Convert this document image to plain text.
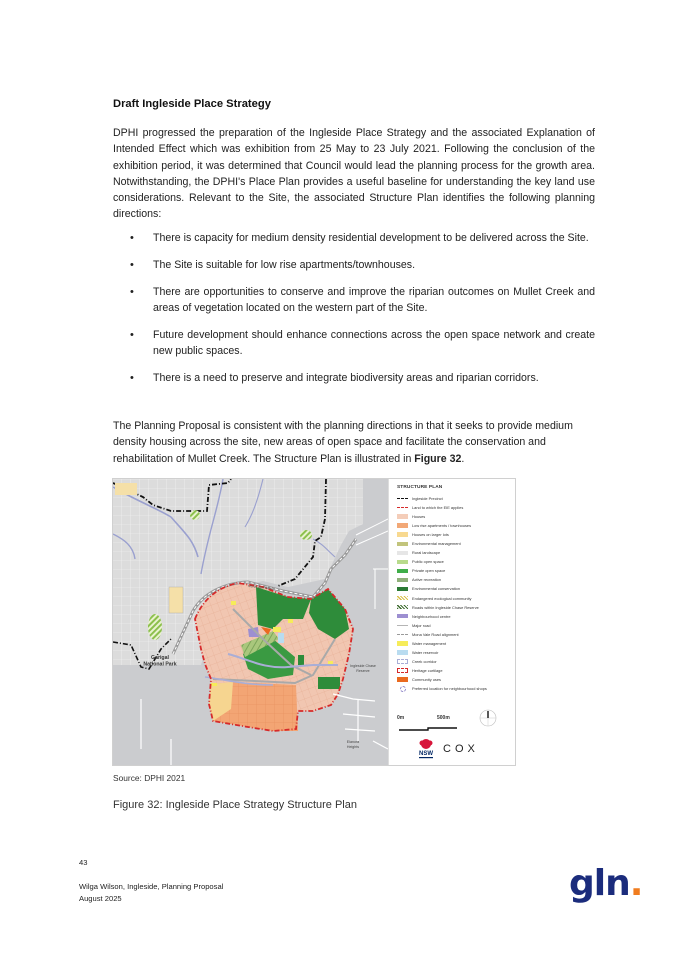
Draft Ingleside Place Strategy
DPHI progressed the preparation of the Ingleside Place Strategy and the associated Explanation of Intended Effect which was exhibition from 25 May to 23 July 2021. Following the conclusion of the exhibition period, it was determined that Council would lead the planning process for the growth area. Notwithstanding, the DPHI's Place Plan provides a useful baseline for understanding the key land use considerations. Relevant to the Site, the associated Structure Plan identifies the following planning directions:
• There is capacity for medium density residential development to be delivered across the Site.
• The Site is suitable for low rise apartments/townhouses.
• There are opportunities to conserve and improve the riparian outcomes on Mullet Creek and areas of vegetation located on the western part of the Site.
• Future development should enhance connections across the open space network and create new public spaces.
• There is a need to preserve and integrate biodiversity areas and riparian corridors.
The Planning Proposal is consistent with the planning directions in that it seeks to provide medium density housing across the site, new areas of open space and facilitate the conservation and rehabilitation of Mullet Creek. The Structure Plan is illustrated in Figure 32.
Mona Vale Road
Garigal
National Park	Ingleside Chase
Reserve
Elanora
Heights
STRUCTURE PLAN
Ingleside Precinct
Land to which the EIE applies
Houses
Low rise apartments / townhouses
Houses on larger lots
Environmental management
Rural landscape
Public open space
Private open space
Active recreation
Environmental conservation
Endangered ecological community
Roads within Ingleside Chase Reserve
Neighbourhood centre
Major road
Mona Vale Road alignment
Water management
Water reservoir
Creek corridor
Heritage curtilage
Community uses
Preferred location for neighbourhood shops
0m	500m
NSW COX
Source: DPHI 2021
Figure 32: Ingleside Place Strategy Structure Plan
43
Wilga Wilson, Ingleside, Planning Proposal
August 2025	gln.
